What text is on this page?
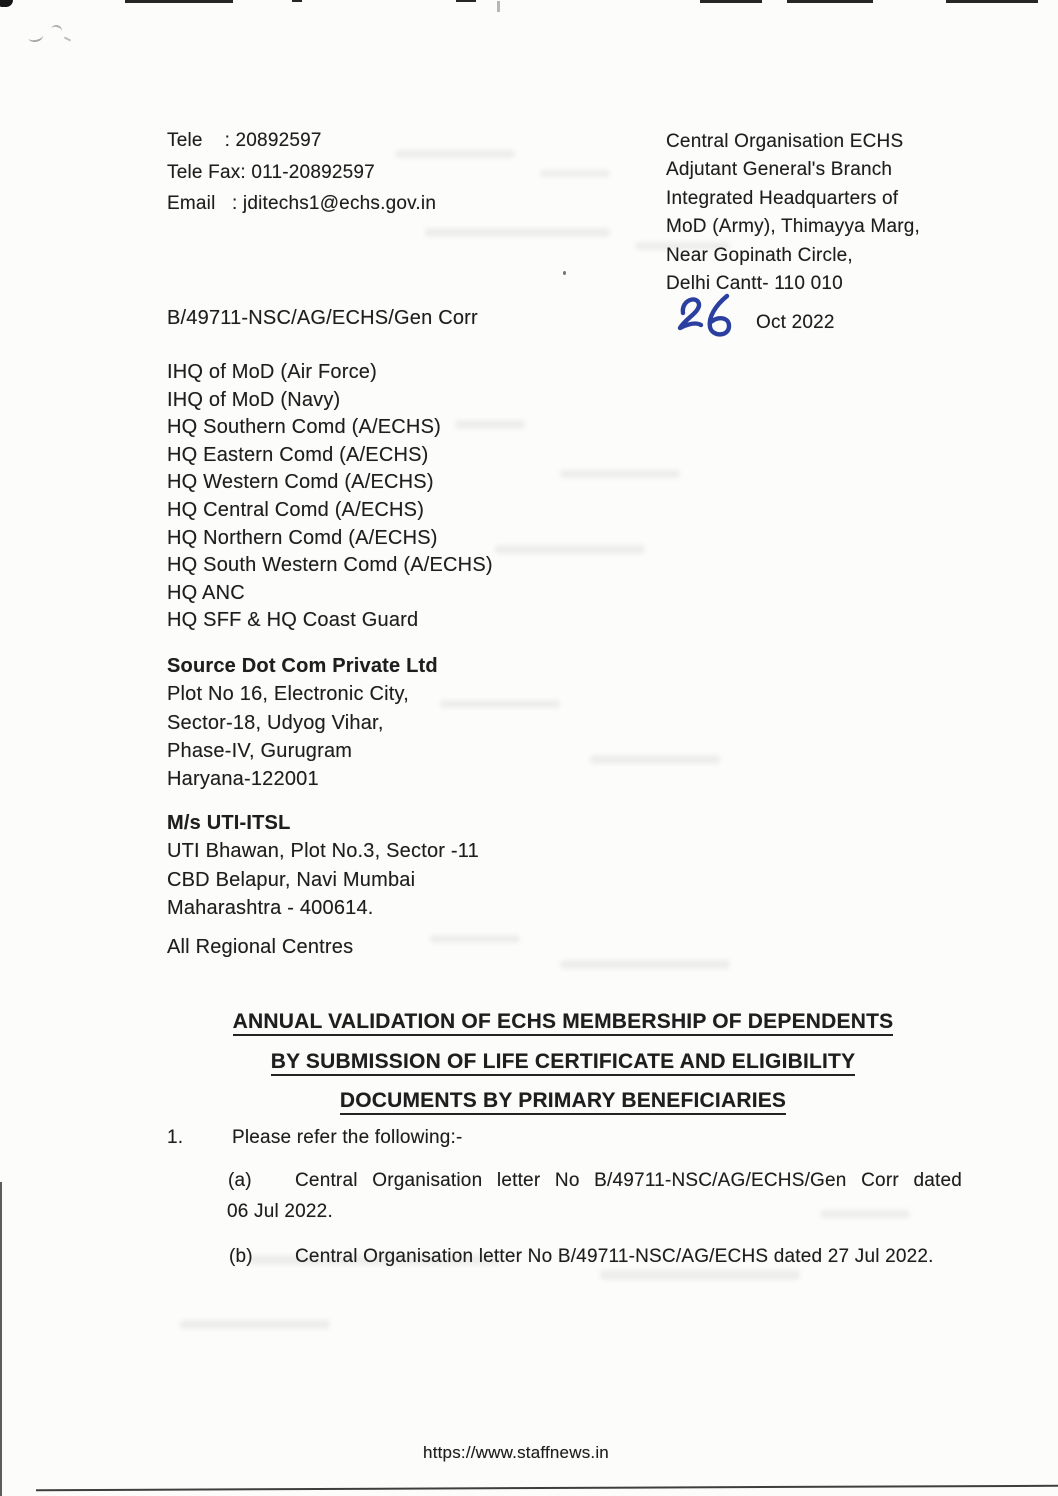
Tele    : 20892597
Tele Fax: 011-20892597
Email   : jditechs1@echs.gov.in
Central Organisation ECHS
Adjutant General's Branch
Integrated Headquarters of
MoD (Army), Thimayya Marg,
Near Gopinath Circle,
Delhi Cantt- 110 010
B/49711-NSC/AG/ECHS/Gen Corr	Oct 2022
IHQ of MoD (Air Force)
IHQ of MoD (Navy)
HQ Southern Comd (A/ECHS)
HQ Eastern Comd (A/ECHS)
HQ Western Comd (A/ECHS)
HQ Central Comd (A/ECHS)
HQ Northern Comd (A/ECHS)
HQ South Western Comd (A/ECHS)
HQ ANC
HQ SFF & HQ Coast Guard
Source Dot Com Private Ltd
Plot No 16, Electronic City,
Sector-18, Udyog Vihar,
Phase-IV, Gurugram
Haryana-122001
M/s UTI-ITSL
UTI Bhawan, Plot No.3, Sector -11
CBD Belapur, Navi Mumbai
Maharashtra - 400614.
All Regional Centres
ANNUAL VALIDATION OF ECHS MEMBERSHIP OF DEPENDENTS
BY SUBMISSION OF LIFE CERTIFICATE AND ELIGIBILITY
DOCUMENTS BY PRIMARY BENEFICIARIES
1.	Please refer the following:-
(a) Central Organisation letter No B/49711-NSC/AG/ECHS/Gen Corr dated
06 Jul 2022.
(b) Central Organisation letter No B/49711-NSC/AG/ECHS dated 27 Jul 2022.
https://www.staffnews.in
